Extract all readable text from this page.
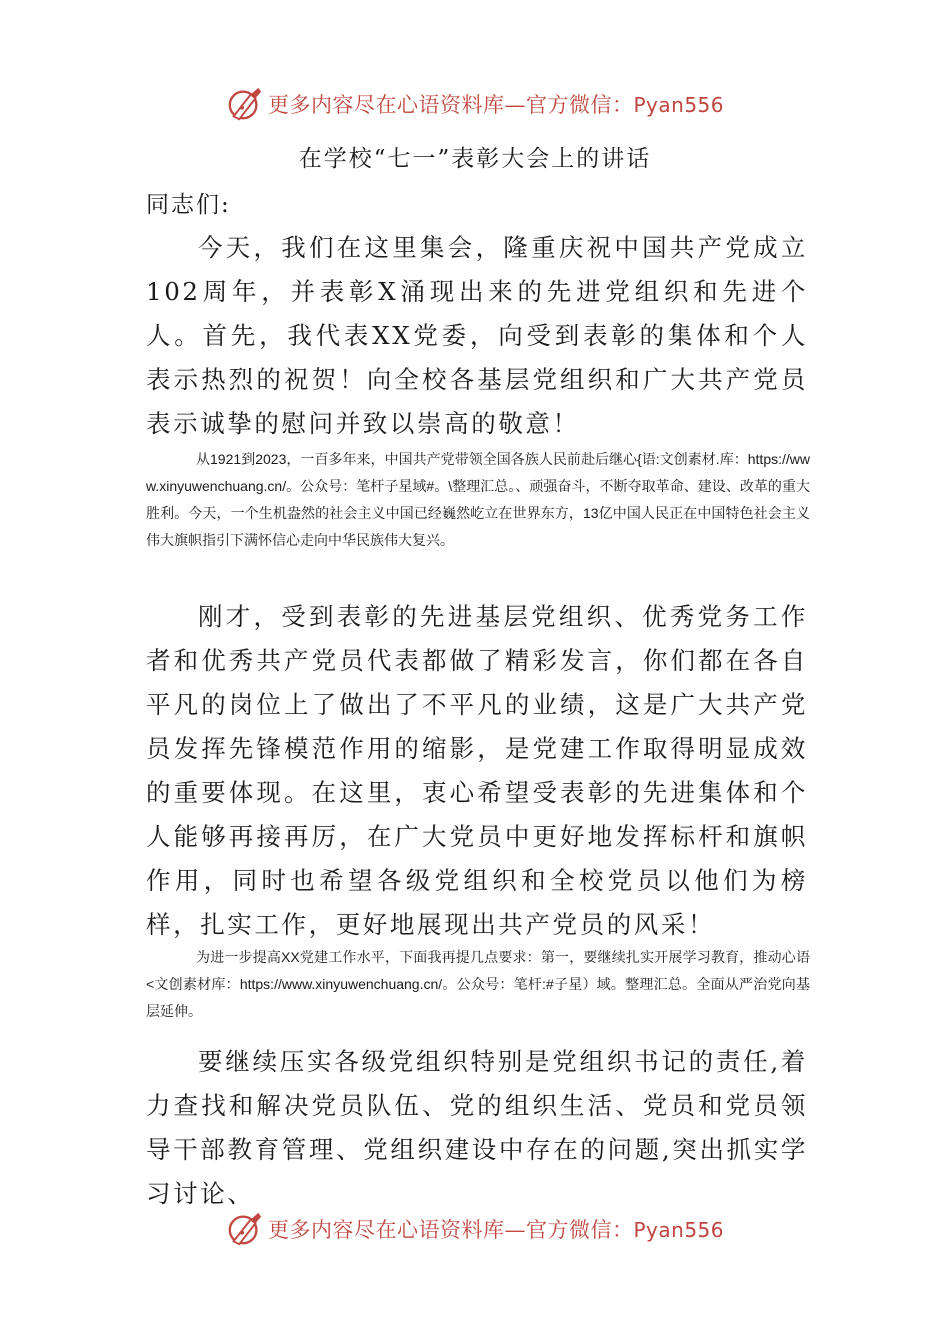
更多内容尽在心语资料库—官方微信：Pyan556
在学校“七一”表彰大会上的讲话
同志们:

今天，我们在这里集会，隆重庆祝中国共产党成立102周年，并表彰X涌现出来的先进党组织和先进个人。首先，我代表XX党委，向受到表彰的集体和个人表示热烈的祝贺！向全校各基层党组织和广大共产党员表示诚挚的慰问并致以崇高的敬意！

从1921到2023，一百多年来，中国共产党带领全国各族人民前赴后继心{语:文创素材.库：https://www.xinyuwenchuang.cn/。公众号：笔杆子星域#。\整理汇总。、顽强奋斗，不断夺取革命、建设、改革的重大胜利。今天，一个生机盎然的社会主义中国已经巍然屹立在世界东方，13亿中国人民正在中国特色社会主义伟大旗帜指引下满怀信心走向中华民族伟大复兴。

刚才，受到表彰的先进基层党组织、优秀党务工作者和优秀共产党员代表都做了精彩发言，你们都在各自平凡的岗位上了做出了不平凡的业绩，这是广大共产党员发挥先锋模范作用的缩影，是党建工作取得明显成效的重要体现。在这里，衷心希望受表彰的先进集体和个人能够再接再厉，在广大党员中更好地发挥标杆和旗帜作用，同时也希望各级党组织和全校党员以他们为榜样，扎实工作，更好地展现出共产党员的风采！

为进一步提高XX党建工作水平，下面我再提几点要求：第一，要继续扎实开展学习教育，推动心语<文创素材库：https://www.xinyuwenchuang.cn/。公众号：笔杆:#子星）域。整理汇总。全面从严治党向基层延伸。

要继续压实各级党组织特别是党组织书记的责任,着力查找和解决党员队伍、党的组织生活、党员和党员领导干部教育管理、党组织建设中存在的问题,突出抓实学习讨论、

更多内容尽在心语资料库—官方微信：Pyan556
